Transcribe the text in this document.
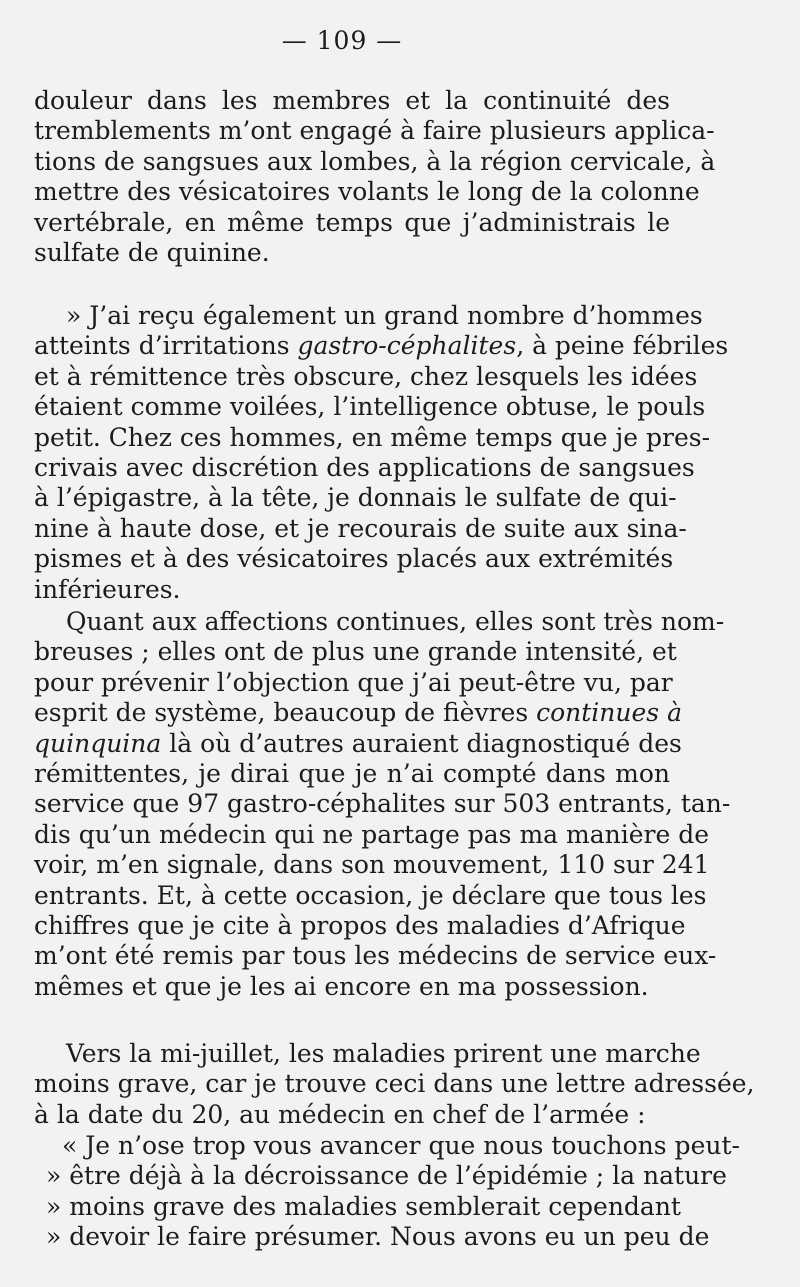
— 109 —
douleur dans les membres et la continuité des
tremblements m’ont engagé à faire plusieurs applica-
tions de sangsues aux lombes, à la région cervicale, à
mettre des vésicatoires volants le long de la colonne
vertébrale, en même temps que j’administrais le
sulfate de quinine.
» J’ai reçu également un grand nombre d’hommes
atteints d’irritations gastro-céphalites, à peine fébriles
et à rémittence très obscure, chez lesquels les idées
étaient comme voilées, l’intelligence obtuse, le pouls
petit. Chez ces hommes, en même temps que je pres-
crivais avec discrétion des applications de sangsues
à l’épigastre, à la tête, je donnais le sulfate de qui-
nine à haute dose, et je recourais de suite aux sina-
pismes et à des vésicatoires placés aux extrémités
inférieures.
Quant aux affections continues, elles sont très nom-
breuses ; elles ont de plus une grande intensité, et
pour prévenir l’objection que j’ai peut-être vu, par
esprit de système, beaucoup de fièvres continues à
quinquina là où d’autres auraient diagnostiqué des
rémittentes, je dirai que je n’ai compté dans mon
service que 97 gastro-céphalites sur 503 entrants, tan-
dis qu’un médecin qui ne partage pas ma manière de
voir, m’en signale, dans son mouvement, 110 sur 241
entrants. Et, à cette occasion, je déclare que tous les
chiffres que je cite à propos des maladies d’Afrique
m’ont été remis par tous les médecins de service eux-
mêmes et que je les ai encore en ma possession.
Vers la mi-juillet, les maladies prirent une marche
moins grave, car je trouve ceci dans une lettre adressée,
à la date du 20, au médecin en chef de l’armée :
« Je n’ose trop vous avancer que nous touchons peut-
» être déjà à la décroissance de l’épidémie ; la nature
» moins grave des maladies semblerait cependant
» devoir le faire présumer. Nous avons eu un peu de
